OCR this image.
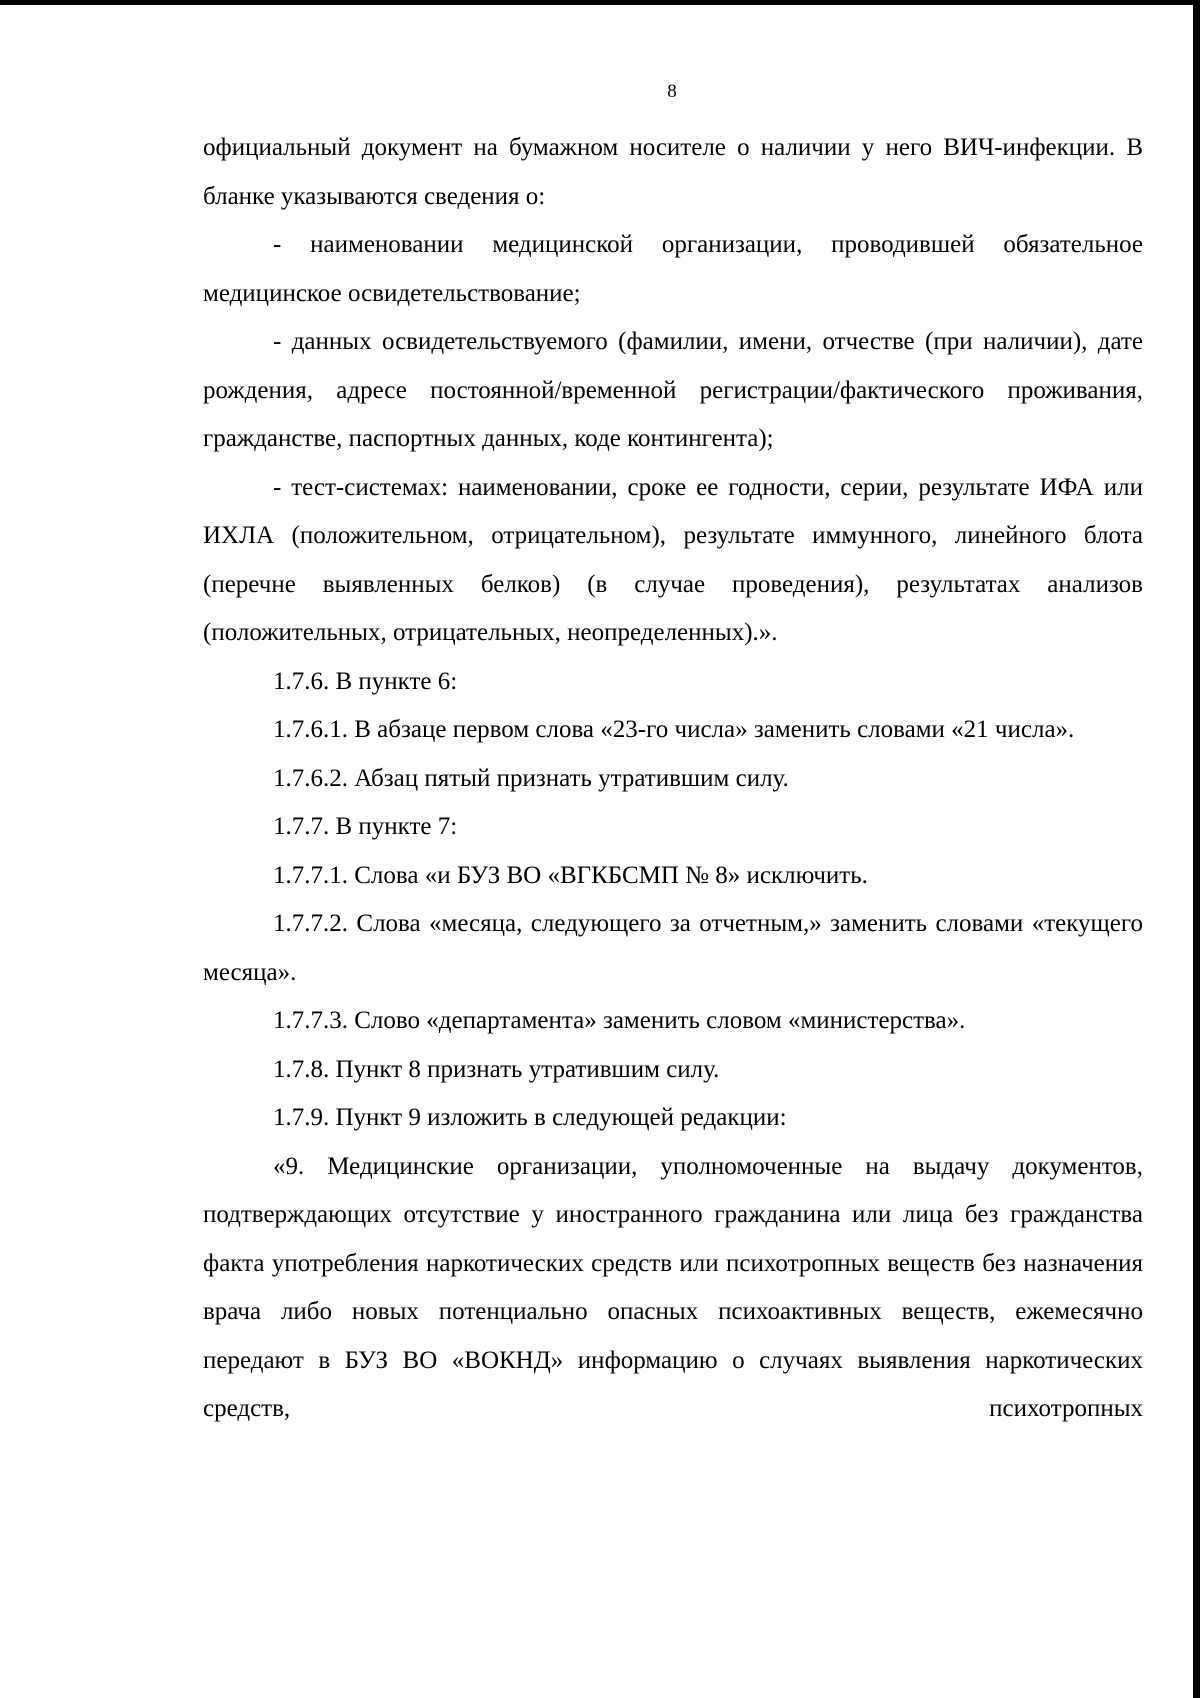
8

официальный документ на бумажном носителе о наличии у него ВИЧ-инфекции. В бланке указываются сведения о:

- наименовании медицинской организации, проводившей обязательное медицинское освидетельствование;

- данных освидетельствуемого (фамилии, имени, отчестве (при наличии), дате рождения, адресе постоянной/временной регистрации/фактического проживания, гражданстве, паспортных данных, коде контингента);

- тест-системах: наименовании, сроке ее годности, серии, результате ИФА или ИХЛА (положительном, отрицательном), результате иммунного, линейного блота (перечне выявленных белков) (в случае проведения), результатах анализов (положительных, отрицательных, неопределенных).».

1.7.6. В пункте 6:

1.7.6.1. В абзаце первом слова «23-го числа» заменить словами «21 числа».

1.7.6.2. Абзац пятый признать утратившим силу.

1.7.7. В пункте 7:

1.7.7.1. Слова «и БУЗ ВО «ВГКБСМП № 8» исключить.

1.7.7.2. Слова «месяца, следующего за отчетным,» заменить словами «текущего месяца».

1.7.7.3. Слово «департамента» заменить словом «министерства».

1.7.8. Пункт 8 признать утратившим силу.

1.7.9. Пункт 9 изложить в следующей редакции:

«9. Медицинские организации, уполномоченные на выдачу документов, подтверждающих отсутствие у иностранного гражданина или лица без гражданства факта употребления наркотических средств или психотропных веществ без назначения врача либо новых потенциально опасных психоактивных веществ, ежемесячно передают в БУЗ ВО «ВОКНД» информацию о случаях выявления наркотических средств, психотропных
